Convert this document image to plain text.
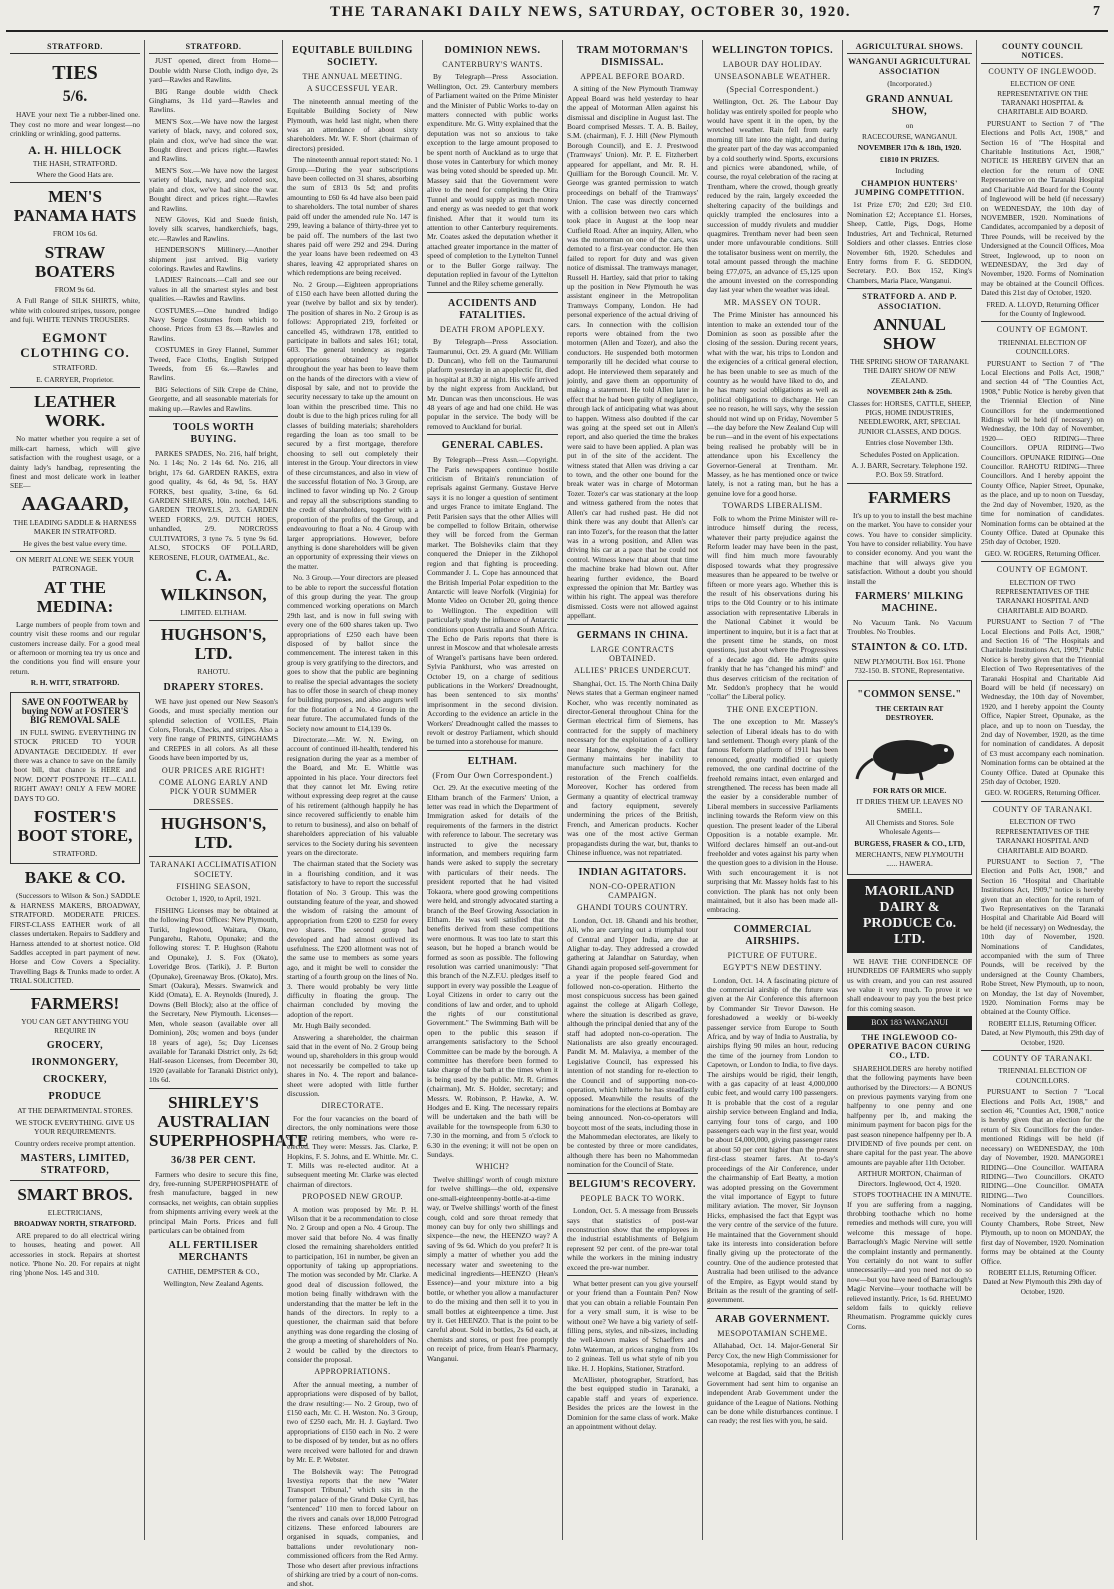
THE TARANAKI DAILY NEWS, SATURDAY, OCTOBER 30, 1920.	7
STRATFORD.
TIES
5/6.
HAVE your next Tie a rubber-lined one. They cost no more and wear longest—no crinkling or wrinkling, good patterns.
A. H. HILLOCK
THE HASH, STRATFORD.
Where the Good Hats are.
MEN'S PANAMA HATS
FROM 10s 6d.
STRAW BOATERS
FROM 9s 6d.
A Full Range of SILK SHIRTS, white, white with coloured stripes, tussore, pongee and fuji. WHITE TENNIS TROUSERS.
EGMONT CLOTHING CO.
STRATFORD.
E. CARRYER, Proprietor.
LEATHER WORK.
No matter whether you require a set of milk-cart harness, which will give satisfaction with the roughest usage, or a dainty lady's handbag, representing the finest and most delicate work in leather SEE—
AAGAARD,
THE LEADING SADDLE & HARNESS MAKER IN STRATFORD.
He gives the best value every time.
ON MERIT ALONE WE SEEK YOUR PATRONAGE.
AT THE MEDINA:
Large numbers of people from town and country visit these rooms and our regular customers increase daily. For a good meal or afternoon or morning tea try us once and the conditions you find will ensure your return.
R. H. WITT, STRATFORD.
SAVE ON FOOTWEAR by buying NOW at FOSTER'S BIG REMOVAL SALE
IN FULL SWING. EVERYTHING IN STOCK PRICED TO YOUR ADVANTAGE DECIDEDLY. If ever there was a chance to save on the family boot bill, that chance is HERE and NOW. DON'T POSTPONE IT—CALL RIGHT AWAY! ONLY A FEW MORE DAYS TO GO.
FOSTER'S BOOT STORE,
STRATFORD.
BAKE & CO.
(Successors to Wilson & Son.) SADDLE & HARNESS MAKERS, BROADWAY, STRATFORD. MODERATE PRICES. FIRST-CLASS EATHER work of all classes undertaken. Repairs to Saddlery and Harness attended to at shortest notice. Old Saddles accepted in part payment of new. Horse and Cow Covers a Speciality. Travelling Bags & Trunks made to order. A TRIAL SOLICITED.
FARMERS!
YOU CAN GET ANYTHING YOU REQUIRE IN
GROCERY,
IRONMONGERY,
CROCKERY,
PRODUCE
AT THE DEPARTMENTAL STORES.
WE STOCK EVERYTHING. GIVE US YOUR REQUIREMENTS.
Country orders receive prompt attention.
MASTERS, LIMITED, STRATFORD,
SMART BROS.
ELECTRICIANS,
BROADWAY NORTH, STRATFORD.
ARE prepared to do all electrical wiring to houses, heating and power. All accessories in stock. Repairs at shortest notice. 'Phone No. 20. For repairs at night ring 'phone Nos. 145 and 310.
STRATFORD.
JUST opened, direct from Home—Double width Nurse Cloth, indigo dye, 2s yard—Rawles and Rawlins.
BIG Range double width Check Ginghams, 3s 11d yard—Rawles and Rawlins.
MEN'S Sox.—We have now the largest variety of black, navy, and colored sox, plain and clox, we've had since the war. Bought direct and prices right.—Rawles and Rawlins.
MEN'S Sox.—We have now the largest variety of black, navy, and colored sox, plain and clox, we've had since the war. Bought direct and prices right.—Rawles and Rawlins.
NEW Gloves, Kid and Suede finish, lovely silk scarves, handkerchiefs, bags, etc.—Rawles and Rawlins.
HENDERSON'S Millinery.—Another shipment just arrived. Big variety colorings. Rawles and Rawlins.
LADIES' Raincoats.—Call and see our values in all the smartest styles and best qualities.—Rawles and Rawlins.
COSTUMES.—One hundred Indigo Navy Serge Costumes from which to choose. Prices from £3 8s.—Rawles and Rawlins.
COSTUMES in Grey Flannel, Summer Tweed, Face Cloths, English Stripped Tweeds, from £6 6s.—Rawles and Rawlins.
BIG Selections of Silk Crepe de Chine, Georgette, and all seasonable materials for making up.—Rawles and Rawlins.
TOOLS WORTH BUYING.
PARKES SPADES, No. 216, half bright, No. 1 14s; No. 2 14s 6d. No. 216, all bright, 17s 6d. GARDEN RAKES, extra good quality, 4s 6d, 4s 9d, 5s. HAY FORKS, best quality, 3-tine, 6s 6d. GARDEN SHEARS, 10in. notched, 14/6. GARDEN TROWELS, 2/3. GARDEN WEED FORKS, 2/9. DUTCH HOES, unhandled, 2/9. NORCROSS CULTIVATORS, 3 tyne 7s. 5 tyne 9s 6d. ALSO, STOCKS OF POLLARD, KEROSENE, FLOUR, OATMEAL, &c.
C. A. WILKINSON,
LIMITED. ELTHAM.
HUGHSON'S, LTD.
RAHOTU.
DRAPERY STORES.
WE have just opened our New Season's Goods, and must specially mention our splendid selection of VOILES, Plain Colors, Florals, Checks, and stripes. Also a very fine range of PRINTS, GINGHAMS and CREPES in all colors. As all these Goods have been imported by us,
OUR PRICES ARE RIGHT!
COME ALONG EARLY AND PICK YOUR SUMMER DRESSES.
HUGHSON'S, LTD.
TARANAKI ACCLIMATISATION SOCIETY.
FISHING SEASON,
October 1, 1920, to April, 1921.
FISHING Licenses may be obtained at the following Post Offices: New Plymouth, Turiki, Inglewood, Waitara, Okato, Pungarehu, Rahotu, Opunake; and the following stores: T. P. Hughson (Rahotu and Opunake), J. S. Fox (Okato), Loveridge Bros. (Tariki), J. P. Burton (Opunake), Greenaway Bros. (Okato), Mrs. Smart (Oakura), Messrs. Swanwick and Kidd (Omata), E. A. Reynolds (Inured), J. Downs (Bell Block); also at the office of the Secretary, New Plymouth. Licenses—Men, whole season (available over all Dominion), 20s; women and boys (under 18 years of age), 5s; Day Licenses available for Taranaki District only, 2s 6d; Half-season Licenses, from December 30, 1920 (available for Taranaki District only), 10s 6d.
SHIRLEY'S AUSTRALIAN SUPERPHOSPHATE
36/38 PER CENT.
Farmers who desire to secure this fine, dry, free-running SUPERPHOSPHATE of fresh manufacture, bagged in new cornsacks, net weights, can obtain supplies from shipments arriving every week at the principal Main Ports. Prices and full particulars can be obtained from
ALL FERTILISER MERCHANTS
CATHIE, DEMPSTER & CO.,
Wellington, New Zealand Agents.
EQUITABLE BUILDING SOCIETY.
THE ANNUAL MEETING.
A SUCCESSFUL YEAR.
The nineteenth annual meeting of the Equitable Building Society of New Plymouth, was held last night, when there was an attendance of about sixty shareholders. Mr. W. F. Short (chairman of directors) presided.
The nineteenth annual report stated: No. 1 Group.—During the year subscriptions have been collected on 31 shares, absorbing the sum of £813 0s 5d; and profits amounting to £60 6s 4d have also been paid to shareholders. The total number of shares paid off under the amended rule No. 147 is 299, leaving a balance of thirty-three yet to be paid off. The numbers of the last two shares paid off were 292 and 294. During the year loans have been redeemed on 43 shares, leaving 42 appropriated shares on which redemptions are being received.
No. 2 Group.—Eighteen appropriations of £150 each have been allotted during the year (twelve by ballot and six by tender). The position of shares in No. 2 Group is as follows: Appropriated 219, forfeited or cancelled 45, withdrawn 178, entitled to participate in ballots and sales 161; total, 603. The general tendency as regards appropriations obtained by ballot throughout the year has been to leave them on the hands of the directors with a view of disposal by sale, and not to provide the security necessary to take up the amount on loan within the prescribed time. This no doubt is due to the high prices ruling for all classes of building materials; shareholders regarding the loan as too small to be secured by a first mortgage, therefore choosing to sell out completely their interest in the Group. Your directors in view of these circumstances, and also in view of the successful flotation of No. 3 Group, are inclined to favor winding up No. 2 Group and repay all the subscriptions standing to the credit of shareholders, together with a proportion of the profits of the Group, and endeavouring to float a No. 4 Group with larger appropriations. However, before anything is done shareholders will be given an opportunity of expressing their views on the matter.
No. 3 Group.—Your directors are pleased to be able to report the successful flotation of this group during the year. The group commenced working operations on March 29th last, and is now in full swing with every one of the 600 shares taken up. Two appropriations of £250 each have been disposed of by ballot since the commencement. The interest taken in this group is very gratifying to the directors, and goes to show that the public are beginning to realise the special advantages the society has to offer those in search of cheap money for building purposes, and also augurs well for the flotation of a No. 4 Group in the near future. The accumulated funds of the Society now amount to £14,139 0s.
Directorate.—Mr. W. N. Ewing, on account of continued ill-health, tendered his resignation during the year as a member of the Board, and Mr. E. Whittle was appointed in his place. Your directors feel that they cannot let Mr. Ewing retire without expressing deep regret at the cause of his retirement (although happily he has since recovered sufficiently to enable him to return to business), and also on behalf of shareholders appreciation of his valuable services to the Society during his seventeen years on the directorate.
The chairman stated that the Society was in a flourishing condition, and it was satisfactory to have to report the successful flotation of No. 3 Group. This was the outstanding feature of the year, and showed the wisdom of raising the amount of appropriation from £200 to £250 for every two shares. The second group had developed and had almost outlived its usefulness. The £200 allotment was not of the same use to members as some years ago, and it might be well to consider the starting of a fourth group on the lines of No. 3. There would probably be very little difficulty in floating the group. The chairman concluded by moving the adoption of the report.
Mr. Hugh Baily seconded.
Answering a shareholder, the chairman said that in the event of No. 2 Group being wound up, shareholders in this group would not necessarily be compelled to take up shares in No. 4. The report and balance-sheet were adopted with little further discussion.
DIRECTORATE.
For the four vacancies on the board of directors, the only nominations were those of the retiring members, who were re-elected. They were: Messrs. Jas. Clarke, P. Hopkins, F. S. Johns, and E. Whittle. Mr. C. T. Mills was re-elected auditor. At a subsequent meeting Mr. Clarke was elected chairman of directors.
PROPOSED NEW GROUP.
A motion was proposed by Mr. P. H. Wilson that it be a recommendation to close No. 2 Group and open a No. 4 Group. The mover said that before No. 4 was finally closed the remaining shareholders entitled to participation, 161 in number, be given an opportunity of taking up appropriations. The motion was seconded by Mr. Clarke. A good deal of discussion followed, the motion being finally withdrawn with the understanding that the matter be left in the hands of the directors. In reply to a questioner, the chairman said that before anything was done regarding the closing of the group a meeting of shareholders of No. 2 would be called by the directors to consider the proposal.
APPROPRIATIONS.
After the annual meeting, a number of appropriations were disposed of by ballot, the draw resulting:— No. 2 Group, two of £150 each, Mr. C. H. Weston. No. 3 Group, two of £250 each, Mr. H. J. Gaylard. Two appropriations of £150 each in No. 2 were to be disposed of by tender, but as no offers were received were balloted for and drawn by Mr. E. P. Webster.
The Bolshevik way: The Petrograd Isvestiya reports that the new "Water Transport Tribunal," which sits in the former palace of the Grand Duke Cyril, has "sentenced" 110 men to forced labour on the rivers and canals over 18,000 Petrograd citizens. These enforced labourers are organised in squads, companies, and battalions under revolutionary non-commissioned officers from the Red Army. Those who desert after previous infractions of shirking are tried by a court of non-coms. and shot.
DOMINION NEWS.
CANTERBURY'S WANTS.
By Telegraph—Press Association. Wellington, Oct. 29. Canterbury members of Parliament waited on the Prime Minister and the Minister of Public Works to-day on matters connected with public works expenditure. Mr. G. Witty explained that the deputation was not so anxious to take exception to the large amount proposed to be spent north of Auckland as to urge that those votes in Canterbury for which money was being voted should be speeded up. Mr. Massey said that the Government were alive to the need for completing the Otira Tunnel and would supply as much money and energy as was needed to get that work finished. After that it would turn its attention to other Canterbury requirements. Mr. Coates asked the deputation whether it attached greater importance in the matter of speed of completion to the Lyttelton Tunnel or to the Buller Gorge railway. The deputation replied in favour of the Lyttelton Tunnel and the Riley scheme generally.
ACCIDENTS AND FATALITIES.
DEATH FROM APOPLEXY.
By Telegraph—Press Association. Taumarunui, Oct. 29. A guard (Mr. William D. Duncan), who fell on the Taumarunui platform yesterday in an apoplectic fit, died in hospital at 8.30 at night. His wife arrived by the night express from Auckland, but Mr. Duncan was then unconscious. He was 48 years of age and had one child. He was popular in the service. The body will be removed to Auckland for burial.
GENERAL CABLES.
By Telegraph—Press Assn.—Copyright. The Paris newspapers continue hostile criticism of Britain's renunciation of reprisals against Germany. Gustave Herve says it is no longer a question of sentiment and urges France to imitate England. The Petit Parisien says that the other Allies will be compelled to follow Britain, otherwise they will be forced from the German market. The Bolsheviks claim that they conquered the Dnieper in the Zikhopol region and that fighting is proceeding. Commander J. L. Cope has announced that the British Imperial Polar expedition to the Antarctic will leave Norfolk (Virginia) for Monte Video on October 20, going thence to Wellington. The expedition will particularly study the influence of Antarctic conditions upon Australia and South Africa. The Echo de Paris reports that there is unrest in Moscow and that wholesale arrests of Wrangel's partisans have been ordered. Sylvia Pankhurst, who was arrested on October 19, on a charge of seditious publications in the Workers' Dreadnought, has been sentenced to six months' imprisonment in the second division. According to the evidence an article in the Workers' Dreadnought called the masses to revolt or destroy Parliament, which should be turned into a storehouse for manure.
ELTHAM.
(From Our Own Correspondent.)
Oct. 29. At the executive meeting of the Eltham branch of the Farmers' Union, a letter was read in which the Department of Immigration asked for details of the requirements of the farmers in the district with reference to labour. The secretary was instructed to give the necessary information, and members requiring farm hands were asked to supply the secretary with particulars of their needs. The president reported that he had visited Tokaora, where good growing competitions were held, and strongly advocated starting a branch of the Beef Growing Association in Eltham. He was well satisfied that the benefits derived from these competitions were enormous. It was too late to start this season, but he hoped a branch would be formed as soon as possible. The following resolution was carried unanimously: "That this branch of the N.Z.F.U. pledges itself to support in every way possible the League of Loyal Citizens in order to carry out the conditions of law and order, and to uphold the rights of our constitutional Government." The Swimming Bath will be open to the public this season if arrangements satisfactory to the School Committee can be made by the borough. A committee has therefore been formed to take charge of the bath at the times when it is being used by the public. Mr. R. Grimes (chairman), Mr. S. Holder, secretary; and Messrs. W. Robinson, P. Hawke, A. W. Hodges and E. King. The necessary repairs will be undertaken and the bath will be available for the townspeople from 6.30 to 7.30 in the morning, and from 5 o'clock to 6.30 in the evening; it will not be open on Sundays.
WHICH?
Twelve shillings' worth of cough mixture for twelve shillings—the old, expensive one-small-eighteenpenny-bottle-at-a-time way, or Twelve shillings' worth of the finest cough, cold and sore throat remedy that money can buy for only two shillings and sixpence—the new, the HEENZO way? A saving of 9s 6d. Which do you prefer? It is simply a matter of whether you add the necessary water and sweetening to the medicinal ingredients—HEENZO (Hean's Essence)—and your mixture into a big bottle, or whether you allow a manufacturer to do the mixing and then sell it to you in small bottles at eighteenpence a time. Just try it. Get HEENZO. That is the point to be careful about. Sold in bottles, 2s 6d each, at chemists and stores, or post free promptly on receipt of price, from Hean's Pharmacy, Wanganui.
TRAM MOTORMAN'S DISMISSAL.
APPEAL BEFORE BOARD.
A sitting of the New Plymouth Tramway Appeal Board was held yesterday to hear the appeal of Motorman Allen against his dismissal and discipline in August last. The Board comprised Messrs. T. A. B. Bailey, S.M. (chairman), F. J. Hill (New Plymouth Borough Council), and E. J. Prestwood (Tramways' Union). Mr. P. E. Fitzherbert appeared for appellant, and Mr. R. H. Quilliam for the Borough Council. Mr. V. George was granted permission to watch proceedings on behalf of the Tramways' Union. The case was directly concerned with a collision between two cars which took place in August at the loop near Cutfield Road. After an inquiry, Allen, who was the motorman on one of the cars, was demoted to a first-year conductor. He then failed to report for duty and was given notice of dismissal. The tramways manager, Russell H. Hartley, said that prior to taking up the position in New Plymouth he was assistant engineer in the Metropolitan Tramways Company, London. He had personal experience of the actual driving of cars. In connection with the collision reports were obtained from the two motormen (Allen and Tozer), and also the conductors. He suspended both motormen temporarily till he decided what course to adopt. He interviewed them separately and jointly, and gave them an opportunity of making a statement. He told Allen later in effect that he had been guilty of negligence, through lack of anticipating what was about to happen. Witness also doubted if the car was going at the speed set out in Allen's report, and also queried the time the brakes were said to have been applied. A plan was put in of the site of the accident. The witness stated that Allen was driving a car to town, and the other one bound for the break water was in charge of Motorman Tozer. Tozer's car was stationary at the loop and witness gathered from the notes that Allen's car had rushed past. He did not think there was any doubt that Allen's car ran into Tozer's, for the reason that the latter was in a wrong position, and Allen was driving his car at a pace that he could not control. Witness knew that about that time the machine brake had blown out. After hearing further evidence, the Board expressed the opinion that Mr. Bartley was within his right. The appeal was therefore dismissed. Costs were not allowed against appellant.
GERMANS IN CHINA.
LARGE CONTRACTS OBTAINED.
ALLIES' PRICES UNDERCUT.
Shanghai, Oct. 15. The North China Daily News states that a German engineer named Kocher, who was recently nominated as director-General throughout China for the German electrical firm of Siemens, has contracted for the supply of machinery necessary for the exploitation of a colliery near Hangchow, despite the fact that Germany maintains her inability to manufacture such machinery for the restoration of the French coalfields. Moreover, Kocher has ordered from Germany a quantity of electrical tramway and factory equipment, severely undermining the prices of the British, French, and American products. Kocher was one of the most active German propagandists during the war, but, thanks to Chinese influence, was not repatriated.
INDIAN AGITATORS.
NON-CO-OPERATION CAMPAIGN.
GHANDI TOURS COUNTRY.
London, Oct. 18. Ghandi and his brother, Ali, who are carrying out a triumphal tour of Central and Upper India, are due at Alighar to-day. They addressed a crowded gathering at Jalandhar on Saturday, when Ghandi again proposed self-government for a year if the people feared God and followed non-co-operation. Hitherto the most conspicuous success has been gained against the college at Aligarh College, where the situation is described as grave, although the principal denied that any of the staff had adopted non-co-operation. The Nationalists are also greatly encouraged. Pandit M. M. Malaviya, a member of the Legislative Council, has expressed his intention of not standing for re-election to the Council and of supporting non-co-operation, which hitherto he has steadfastly opposed. Meanwhile the results of the nominations for the elections at Bombay are being announced. Non-co-operators will boycott most of the seats, including those in the Mahommedan electorates, are likely to be contested by three or more candidates, although there has been no Mahommedan nomination for the Council of State.
BELGIUM'S RECOVERY.
PEOPLE BACK TO WORK.
London, Oct. 5. A message from Brussels says that statistics of post-war reconstruction show that the employees in the industrial establishments of Belgium represent 92 per cent. of the pre-war total while the workers in the mining industry exceed the pre-war number.
What better present can you give yourself or your friend than a Fountain Pen? Now that you can obtain a reliable Fountain Pen for a very small sum, it is wise to be without one? We have a big variety of self-filling pens, styles, and nib-sizes, including the well-known makes of Schaeffers and John Waterman, at prices ranging from 10s to 2 guineas. Tell us what style of nib you like. H. J. Hopkins, Stationer, Stratford.
McAllister, photographer, Stratford, has the best equipped studio in Taranaki, a capable staff and years of experience. Besides the prices are the lowest in the Dominion for the same class of work. Make an appointment without delay.
WELLINGTON TOPICS.
LABOUR DAY HOLIDAY.
UNSEASONABLE WEATHER.
(Special Correspondent.)
Wellington, Oct. 26. The Labour Day holiday was entirely spoiled for people who would have spent it in the open, by the wretched weather. Rain fell from early morning till late into the night, and during the greater part of the day was accompanied by a cold southerly wind. Sports, excursions and picnics were abandoned, while, of course, the royal celebration of the racing at Trentham, where the crowd, though greatly reduced by the rain, largely exceeded the sheltering capacity of the buildings and quickly trampled the enclosures into a succession of muddy rivulets and muddier quagmires. Trentham never had been seen under more unfavourable conditions. Still the totalisator business went on merrily, the total amount passed through the machine being £77,075, an advance of £5,125 upon the amount invested on the corresponding day last year when the weather was ideal.
MR. MASSEY ON TOUR.
The Prime Minister has announced his intention to make an extended tour of the Dominion as soon as possible after the closing of the session. During recent years, what with the war, his trips to London and the exigencies of a critical general election, he has been unable to see as much of the country as he would have liked to do, and he has many social obligations as well as political obligations to discharge. He can see no reason, he will says, why the session should not wind up on Friday, November 5—the day before the New Zealand Cup will be run—and in the event of his expectations being realised he probably will be in attendance upon his Excellency the Governor-General at Trentham. Mr. Massey, as he has mentioned once or twice lately, is not a rating man, but he has a genuine love for a good horse.
TOWARDS LIBERALISM.
Folk to whom the Prime Minister will re-introduce himself during the recess, whatever their party prejudice against the Reform leader may have been in the past, will find him much more favourably disposed towards what they progressive measures than he appeared to be twelve or fifteen or more years ago. Whether this is the result of his observations during his trips to the Old Country or to his intimate association with representative Liberals in the National Cabinet it would be impertinent to inquire, but it is a fact that at the present time he stands, on most questions, just about where the Progressives of a decade ago did. He admits quite frankly that he has "changed his mind" and thus deserves criticism of the recitation of Mr. Seddon's prophecy that he would "collar" the Liberal policy.
THE ONE EXCEPTION.
The one exception to Mr. Massey's selection of Liberal ideals has to do with land settlement. Though every plank of the famous Reform platform of 1911 has been renounced, greatly modified or quietly removed, the one cardinal doctrine of the freehold remains intact, even enlarged and strengthened. The recess has been made all the easier by a considerable number of Liberal members in successive Parliaments inclining towards the Reform view on this question. The present leader of the Liberal Opposition is a notable example. Mr. Wilford declares himself an out-and-out freeholder and votes against his party when the question goes to a division in the House. With such encouragement it is not surprising that Mr. Massey holds fast to his conviction. The plank has not only been maintained, but it also has been made all-embracing.
COMMERCIAL AIRSHIPS.
PICTURE OF FUTURE.
EGYPT'S NEW DESTINY.
London, Oct. 14. A fascinating picture of the commercial airship of the future was given at the Air Conference this afternoon by Commander Sir Trevor Dawson. He foreshadowed a weekly or bi-weekly passenger service from Europe to South Africa, and by way of India to Australia, by airships flying 90 miles an hour, reducing the time of the journey from London to Capetown, or London to India, to five days. The airships would be rigid, their length, with a gas capacity of at least 4,000,000 cubic feet, and would carry 100 passengers. It is probable that the cost of a regular airship service between England and India, carrying four tons of cargo, and 100 passengers each way in the first year, would be about £4,000,000, giving passenger rates at about 50 per cent higher than the present first-class steamer fares. At to-day's proceedings of the Air Conference, under the chairmanship of Earl Beatty, a motion was adopted pressing on the Government the vital importance of Egypt to future military aviation. The mover, Sir Joynson Hicks, emphasised the fact that Egypt was the very centre of the service of the future. He maintained that the Government should take its interests into consideration before finally giving up the protectorate of the country. One of the audience protested that Australia had been utilised to the advance of the Empire, as Egypt would stand by Britain as the result of the granting of self-government.
ARAB GOVERNMENT.
MESOPOTAMIAN SCHEME.
Allahabad, Oct. 14. Major-General Sir Percy Cox, the new High Commissioner for Mesopotamia, replying to an address of welcome at Bagdad, said that the British Government had sent him to organise an independent Arab Government under the guidance of the League of Nations. Nothing can be done while disturbances continue. I can ready; the rest lies with you, he said.
AGRICULTURAL SHOWS.
WANGANUI AGRICULTURAL ASSOCIATION
(Incorporated.)
GRAND ANNUAL SHOW,
on
RACECOURSE, WANGANUI.
NOVEMBER 17th & 18th, 1920.
£1810 IN PRIZES.
Including
CHAMPION HUNTERS' JUMPING COMPETITION.
1st Prize £70; 2nd £20; 3rd £10. Nomination £2; Acceptance £1. Horses, Sheep, Cattle, Pigs, Dogs, Home Industries, Art and Technical, Returned Soldiers and other classes. Entries close November 6th, 1920. Schedules and Entry forms from F. G. SEDDON, Secretary. P.O. Box 152, King's Chambers, Maria Place, Wanganui.
STRATFORD A. AND P. ASSOCIATION.
ANNUAL SHOW
THE SPRING SHOW OF TARANAKI. THE DAIRY SHOW OF NEW ZEALAND.
NOVEMBER 24th & 25th.
Classes for: HORSES, CATTLE, SHEEP, PIGS, HOME INDUSTRIES, NEEDLEWORK, ART, SPECIAL JUNIOR CLASSES, AND DOGS.
Entries close November 13th.
Schedules Posted on Application.
A. J. BARR, Secretary. Telephone 192. P.O. Box 59. Stratford.
FARMERS
It's up to you to install the best machine on the market. You have to consider your cows. You have to consider simplicity. You have to consider reliability. You have to consider economy. And you want the machine that will always give you satisfaction. Without a doubt you should install the
FARMERS' MILKING MACHINE.
No Vacuum Tank. No Vacuum Troubles. No Troubles.
STAINTON & CO. LTD.
NEW PLYMOUTH. Box 161. 'Phone 732-150. B. STONE, Representative.
"COMMON SENSE."
THE CERTAIN RAT DESTROYER.
FOR RATS OR MICE.
IT DRIES THEM UP. LEAVES NO SMELL.
All Chemists and Stores. Sole Wholesale Agents—
BURGESS, FRASER & CO., LTD,
MERCHANTS, NEW PLYMOUTH ...... HAWERA.
MAORILAND DAIRY & PRODUCE Co. LTD.
WE HAVE THE CONFIDENCE OF HUNDREDS OF FARMERS who supply us with cream, and you can rest assured we value it very much. To prove it we shall endeavour to pay you the best price for this coming season.
BOX 183 WANGANUI
THE INGLEWOOD CO-OPERATIVE BACON CURING CO., LTD.
SHAREHOLDERS are hereby notified that the following payments have been authorised by the Directors:— A BONUS on previous payments varying from one halfpenny to one penny and one halfpenny per lb, and making the minimum payment for bacon pigs for the past season ninepence halfpenny per lb. A DIVIDEND of five pounds per cent. on share capital for the past year. The above amounts are payable after 11th October.
ARTHUR MORTON, Chairman of Directors. Inglewood, Oct 4, 1920.
STOPS TOOTHACHE IN A MINUTE. If you are suffering from a nagging, throbbing toothache which no home remedies and methods will cure, you will welcome this message of hope. Barraclough's Magic Nervine will settle the complaint instantly and permanently. You certainly do not want to suffer unnecessarily—and you need not do so now—but you have need of Barraclough's Magic Nervine—your toothache will be relieved instantly. Price, 1s 6d. RHEUMO seldom fails to quickly relieve Rheumatism. Programme quickly cures Corns.
COUNTY COUNCIL NOTICES.
COUNTY OF INGLEWOOD.
ELECTION OF ONE REPRESENTATIVE ON THE TARANAKI HOSPITAL & CHARITABLE AID BOARD.
PURSUANT to Section 7 of "The Elections and Polls Act, 1908," and Section 16 of "The Hospital and Charitable Institutions Act, 1908," NOTICE IS HEREBY GIVEN that an election for the return of ONE Representative on the Taranaki Hospital and Charitable Aid Board for the County of Inglewood will be held (if necessary) on WEDNESDAY, the 10th day of NOVEMBER, 1920. Nominations of Candidates, accompanied by a deposit of Three Pounds, will be received by the Undersigned at the Council Offices, Moa Street, Inglewood, up to noon on WEDNESDAY, the 3rd day of November, 1920. Forms of Nomination may be obtained at the Council Offices. Dated this 21st day of October, 1920.
FRED. A. LLOYD, Returning Officer for the County of Inglewood.
COUNTY OF EGMONT.
TRIENNIAL ELECTION OF COUNCILLORS.
PURSUANT to Section 7 of "The Local Elections and Polls Act, 1908," and section 44 of "The Counties Act, 1908," Public Notice is hereby given that the Triennial Election of Nine Councillors for the undermentioned Ridings will be held (if necessary) on Wednesday, the 10th day of November, 1920— OEO RIDING—Three Councillors. OPUA RIDING—Two Councillors. OPUNAKE RIDING—One Councillor. RAHOTU RIDING—Three Councillors. And I hereby appoint the County Office, Napier Street, Opunake, as the place, and up to noon on Tuesday, the 2nd day of November, 1920, as the time for nomination of candidates. Nomination forms can be obtained at the County Office. Dated at Opunake this 25th day of October, 1920.
GEO. W. ROGERS, Returning Officer.
COUNTY OF EGMONT.
ELECTION OF TWO REPRESENTATIVES OF THE TARANAKI HOSPITAL AND CHARITABLE AID BOARD.
PURSUANT to Section 7 of "The Local Elections and Polls Act, 1908," and Section 16 of "The Hospitals and Charitable Institutions Act, 1909," Public Notice is hereby given that the Triennial Election of Two Representatives of the Taranaki Hospital and Charitable Aid Board will be held (if necessary) on Wednesday, the 10th day of November, 1920, and I hereby appoint the County Office, Napier Street, Opunake, as the place, and up to noon on Tuesday, the 2nd day of November, 1920, as the time for nomination of candidates. A deposit of £3 must accompany each nomination. Nomination forms can be obtained at the County Office. Dated at Opunake this 25th day of October, 1920.
GEO. W. ROGERS, Returning Officer.
COUNTY OF TARANAKI.
ELECTION OF TWO REPRESENTATIVES OF THE TARANAKI HOSPITAL AND CHARITABLE AID BOARD.
PURSUANT to Section 7, "The Election and Polls Act, 1908," and Section 16 "Hospital and Charitable Institutions Act, 1909," notice is hereby given that an election for the return of Two Representatives on the Taranaki Hospital and Charitable Aid Board will be held (if necessary) on Wednesday, the 10th day of November, 1920. Nominations of Candidates, accompanied with the sum of Three Pounds, will be received by the undersigned at the County Chambers, Robe Street, New Plymouth, up to noon, on Monday, the 1st day of November, 1920. Nomination Forms may be obtained at the County Office.
ROBERT ELLIS, Returning Officer. Dated, at New Plymouth, this 29th day of October, 1920.
COUNTY OF TARANAKI.
TRIENNIAL ELECTION OF COUNCILLORS.
PURSUANT to Section 7 "Local Elections and Polls Act, 1908," and section 46, "Counties Act, 1908," notice is hereby given that an election for the return of Six Councillors for the under-mentioned Ridings will be held (if necessary) on WEDNESDAY, the 10th day of November, 1920. MANGORE1 RIDING—One Councillor. WAITARA RIDING—Two Councillors. OKATO RIDING—One Councillor. OMATA RIDING—Two Councillors. Nominations of Candidates will be received by the undersigned at the County Chambers, Robe Street, New Plymouth, up to noon on MONDAY, the first day of November, 1920. Nomination forms may be obtained at the County Office.
ROBERT ELLIS, Returning Officer. Dated at New Plymouth this 29th day of October, 1920.
